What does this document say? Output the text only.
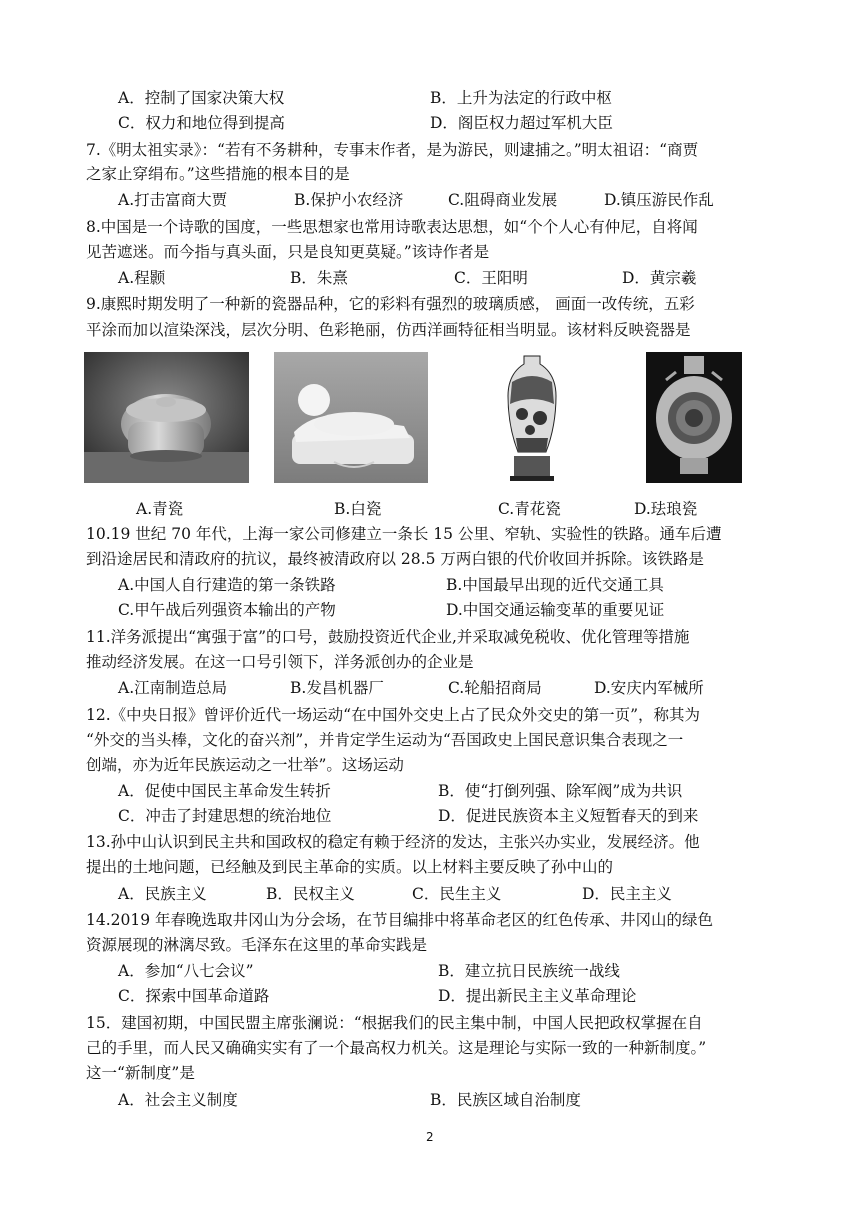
A．控制了国家决策大权	B．上升为法定的行政中枢
C．权力和地位得到提高	D．阁臣权力超过军机大臣
7.《明太祖实录》：“若有不务耕种，专事末作者，是为游民，则逮捕之。”明太祖诏：“商贾
之家止穿绢布。”这些措施的根本目的是
A.打击富商大贾	B.保护小农经济	C.阻碍商业发展	D.镇压游民作乱
8.中国是一个诗歌的国度，一些思想家也常用诗歌表达思想，如“个个人心有仲尼，自将闻
见苦遮迷。而今指与真头面，只是良知更莫疑。”该诗作者是
A.程颢	B．朱熹	C．王阳明	D．黄宗羲
9.康熙时期发明了一种新的瓷器品种，它的彩料有强烈的玻璃质感， 画面一改传统，五彩
平涂而加以渲染深浅，层次分明、色彩艳丽，仿西洋画特征相当明显。该材料反映瓷器是
A.青瓷	B.白瓷	C.青花瓷	D.珐琅瓷
10.19 世纪 70 年代，上海一家公司修建立一条长 15 公里、窄轨、实验性的铁路。通车后遭
到沿途居民和清政府的抗议，最终被清政府以 28.5 万两白银的代价收回并拆除。该铁路是
A.中国人自行建造的第一条铁路	B.中国最早出现的近代交通工具
C.甲午战后列强资本输出的产物	D.中国交通运输变革的重要见证
11.洋务派提出“寓强于富”的口号，鼓励投资近代企业,并采取减免税收、优化管理等措施
推动经济发展。在这一口号引领下，洋务派创办的企业是
A.江南制造总局	B.发昌机器厂	C.轮船招商局	D.安庆内军械所
12.《中央日报》曾评价近代一场运动“在中国外交史上占了民众外交史的第一页”，称其为
“外交的当头棒，文化的奋兴剂”，并肯定学生运动为“吾国政史上国民意识集合表现之一
创端，亦为近年民族运动之一壮举”。这场运动
A．促使中国民主革命发生转折	B．使“打倒列强、除军阀”成为共识
C．冲击了封建思想的统治地位	D．促进民族资本主义短暂春天的到来
13.孙中山认识到民主共和国政权的稳定有赖于经济的发达，主张兴办实业，发展经济。他
提出的土地问题，已经触及到民主革命的实质。以上材料主要反映了孙中山的
A．民族主义	B．民权主义	C．民生主义	D．民主主义
14.2019 年春晚选取井冈山为分会场，在节目编排中将革命老区的红色传承、井冈山的绿色
资源展现的淋漓尽致。毛泽东在这里的革命实践是
A．参加“八七会议”	B．建立抗日民族统一战线
C．探索中国革命道路	D．提出新民主主义革命理论
15．建国初期，中国民盟主席张澜说：“根据我们的民主集中制，中国人民把政权掌握在自
己的手里，而人民又确确实实有了一个最高权力机关。这是理论与实际一致的一种新制度。”
这一“新制度”是
A．社会主义制度	B．民族区域自治制度
2
